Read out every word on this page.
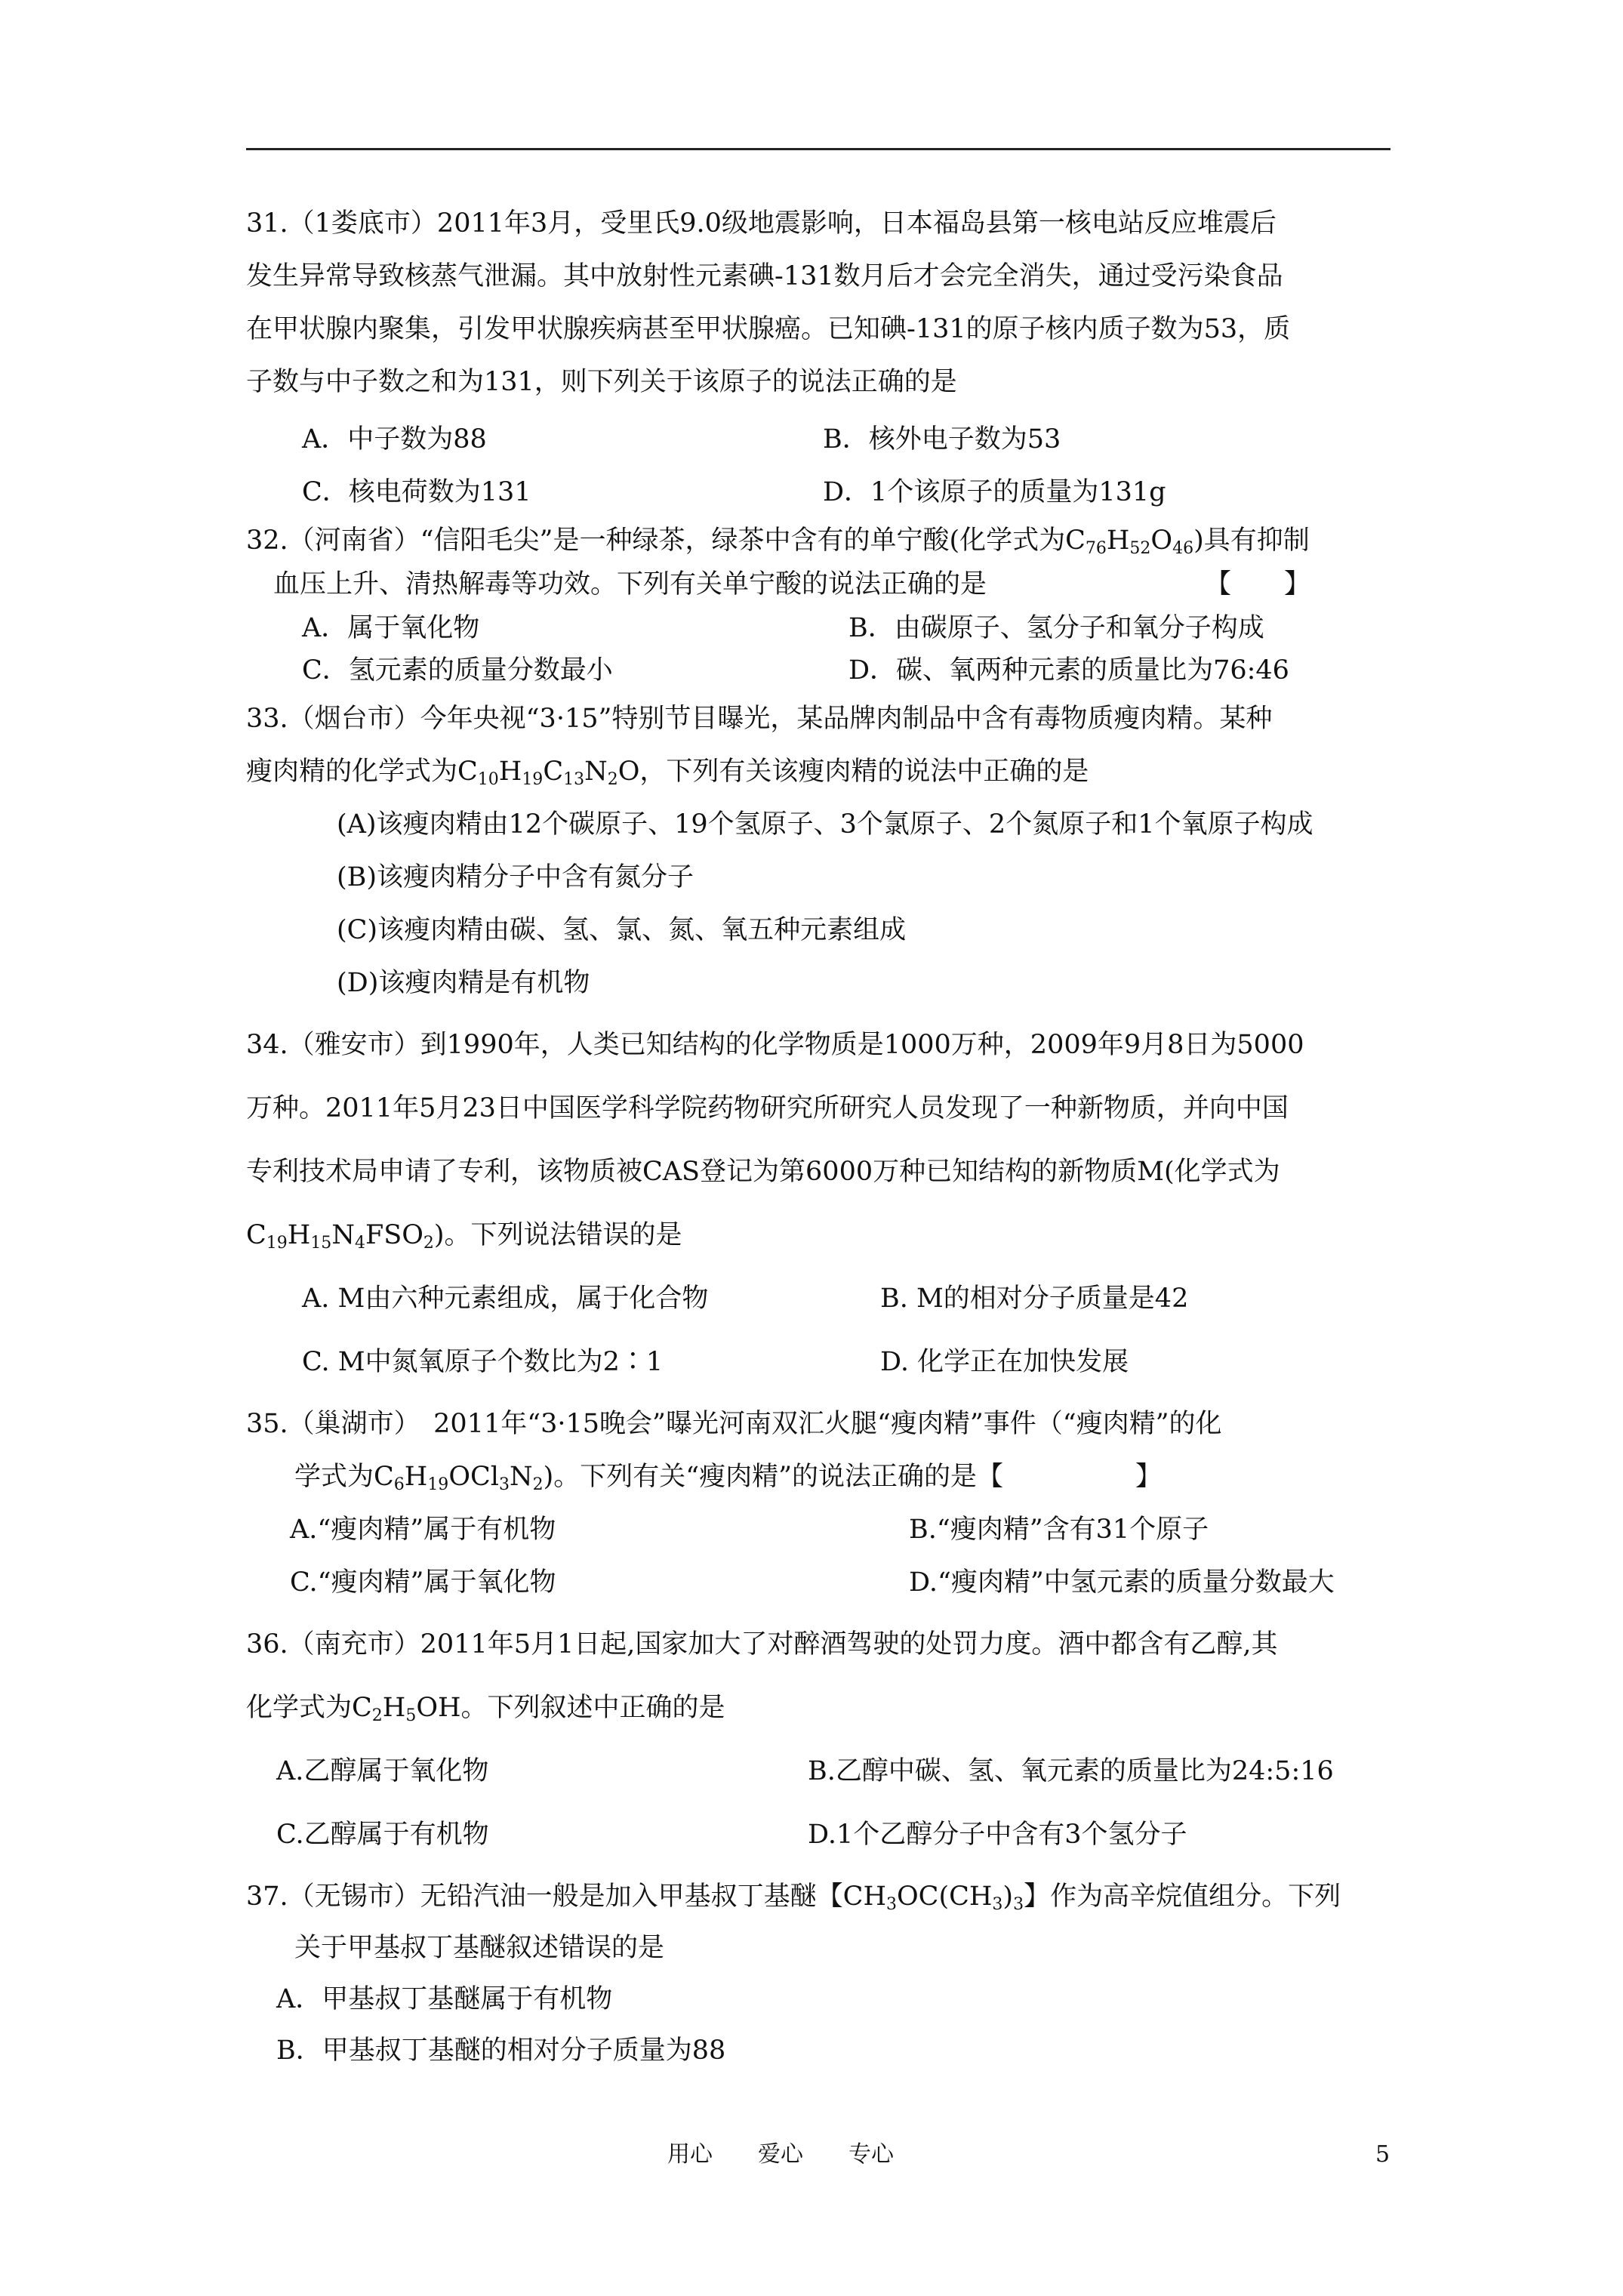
31.（1娄底市）2011年3月，受里氏9.0级地震影响，日本福岛县第一核电站反应堆震后
发生异常导致核蒸气泄漏。其中放射性元素碘-131数月后才会完全消失，通过受污染食品
在甲状腺内聚集，引发甲状腺疾病甚至甲状腺癌。已知碘-131的原子核内质子数为53，质
子数与中子数之和为131，则下列关于该原子的说法正确的是
A．中子数为88	B．核外电子数为53
C．核电荷数为131	D．1个该原子的质量为131g
32.（河南省）“信阳毛尖”是一种绿茶，绿茶中含有的单宁酸(化学式为$C_{76}H_{52}O_{46}$)具有抑制
血压上升、清热解毒等功效。下列有关单宁酸的说法正确的是	【　　】
A．属于氧化物	B．由碳原子、氢分子和氧分子构成
C．氢元素的质量分数最小	D．碳、氧两种元素的质量比为76:46
33.（烟台市）今年央视“3·15”特别节目曝光，某品牌肉制品中含有毒物质瘦肉精。某种
瘦肉精的化学式为$C_{10}H_{19}C_{13}N_2O$，下列有关该瘦肉精的说法中正确的是
(A)该瘦肉精由12个碳原子、19个氢原子、3个氯原子、2个氮原子和1个氧原子构成
(B)该瘦肉精分子中含有氮分子
(C)该瘦肉精由碳、氢、氯、氮、氧五种元素组成
(D)该瘦肉精是有机物
34.（雅安市）到1990年，人类已知结构的化学物质是1000万种，2009年9月8日为5000
万种。2011年5月23日中国医学科学院药物研究所研究人员发现了一种新物质，并向中国
专利技术局申请了专利，该物质被CAS登记为第6000万种已知结构的新物质M(化学式为
$C_{19}H_{15}N_4FSO_2$)。下列说法错误的是
A. M由六种元素组成，属于化合物	B. M的相对分子质量是42
C. M中氮氧原子个数比为2∶1	D. 化学正在加快发展
35.（巢湖市）　2011年“3·15晚会”曝光河南双汇火腿“瘦肉精”事件（“瘦肉精”的化
学式为$C_6H_{19}OCl_3N_2$)。下列有关“瘦肉精”的说法正确的是【　　　　　】
A.“瘦肉精”属于有机物	B.“瘦肉精”含有31个原子
C.“瘦肉精”属于氧化物	D.“瘦肉精”中氢元素的质量分数最大
36.（南充市）2011年5月1日起,国家加大了对醉酒驾驶的处罚力度。酒中都含有乙醇,其
化学式为$C_2H_5OH$。下列叙述中正确的是
A.乙醇属于氧化物	B.乙醇中碳、氢、氧元素的质量比为24:5:16
C.乙醇属于有机物	D.1个乙醇分子中含有3个氢分子
37.（无锡市）无铅汽油一般是加入甲基叔丁基醚【$CH_3OC(CH_3)_3$】作为高辛烷值组分。下列
关于甲基叔丁基醚叙述错误的是
A．甲基叔丁基醚属于有机物
B．甲基叔丁基醚的相对分子质量为88
用心　　爱心　　专心	5
